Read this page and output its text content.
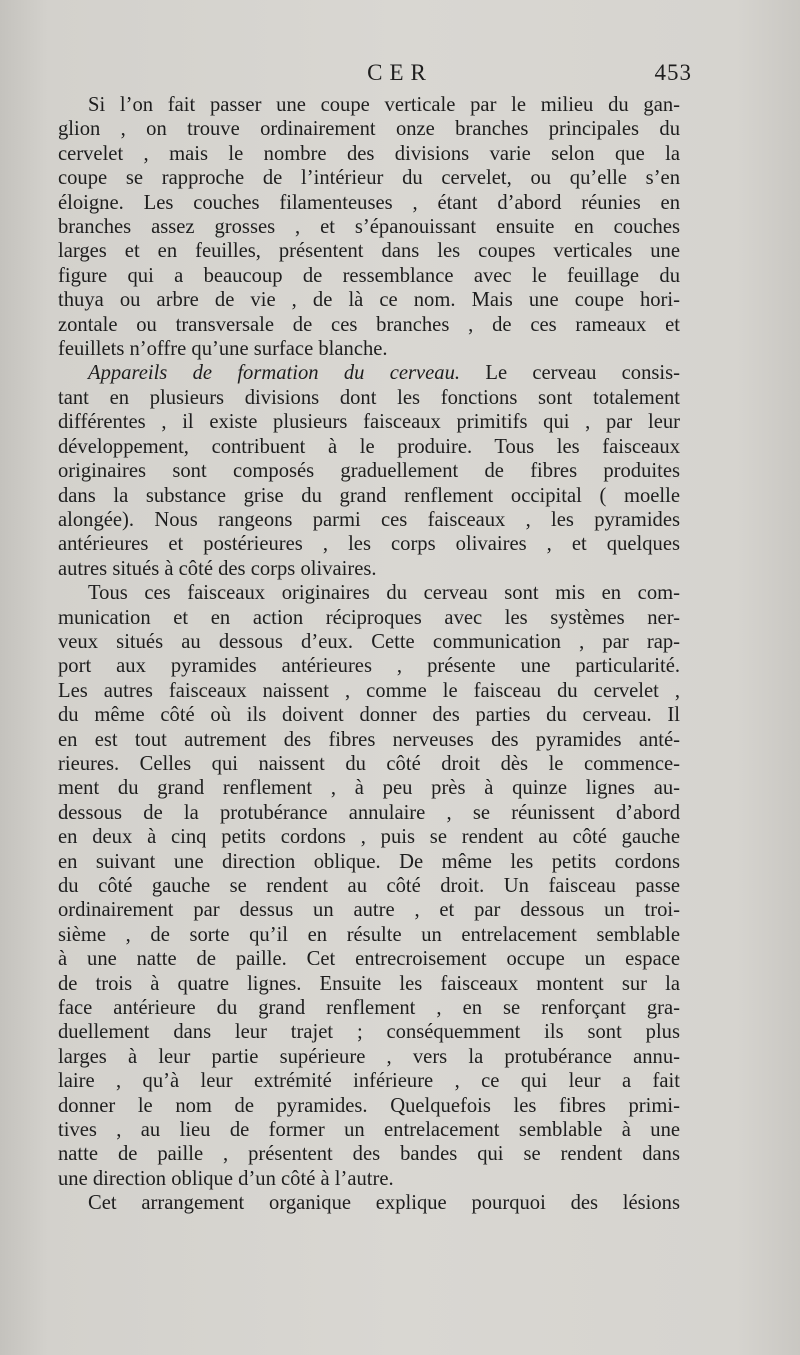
CER	453

Si l’on fait passer une coupe verticale par le milieu du gan-
glion , on trouve ordinairement onze branches principales du
cervelet , mais le nombre des divisions varie selon que la
coupe se rapproche de l’intérieur du cervelet, ou qu’elle s’en
éloigne. Les couches filamenteuses , étant d’abord réunies en
branches assez grosses , et s’épanouissant ensuite en couches
larges et en feuilles, présentent dans les coupes verticales une
figure qui a beaucoup de ressemblance avec le feuillage du
thuya ou arbre de vie , de là ce nom. Mais une coupe hori-
zontale ou transversale de ces branches , de ces rameaux et
feuillets n’offre qu’une surface blanche.

Appareils de formation du cerveau. Le cerveau consis-
tant en plusieurs divisions dont les fonctions sont totalement
différentes , il existe plusieurs faisceaux primitifs qui , par leur
développement, contribuent à le produire. Tous les faisceaux
originaires sont composés graduellement de fibres produites
dans la substance grise du grand renflement occipital ( moelle
alongée). Nous rangeons parmi ces faisceaux , les pyramides
antérieures et postérieures , les corps olivaires , et quelques
autres situés à côté des corps olivaires.

Tous ces faisceaux originaires du cerveau sont mis en com-
munication et en action réciproques avec les systèmes ner-
veux situés au dessous d’eux. Cette communication , par rap-
port aux pyramides antérieures , présente une particularité.
Les autres faisceaux naissent , comme le faisceau du cervelet ,
du même côté où ils doivent donner des parties du cerveau. Il
en est tout autrement des fibres nerveuses des pyramides anté-
rieures. Celles qui naissent du côté droit dès le commence-
ment du grand renflement , à peu près à quinze lignes au-
dessous de la protubérance annulaire , se réunissent d’abord
en deux à cinq petits cordons , puis se rendent au côté gauche
en suivant une direction oblique. De même les petits cordons
du côté gauche se rendent au côté droit. Un faisceau passe
ordinairement par dessus un autre , et par dessous un troi-
sième , de sorte qu’il en résulte un entrelacement semblable
à une natte de paille. Cet entrecroisement occupe un espace
de trois à quatre lignes. Ensuite les faisceaux montent sur la
face antérieure du grand renflement , en se renforçant gra-
duellement dans leur trajet ; conséquemment ils sont plus
larges à leur partie supérieure , vers la protubérance annu-
laire , qu’à leur extrémité inférieure , ce qui leur a fait
donner le nom de pyramides. Quelquefois les fibres primi-
tives , au lieu de former un entrelacement semblable à une
natte de paille , présentent des bandes qui se rendent dans
une direction oblique d’un côté à l’autre.

Cet arrangement organique explique pourquoi des lésions
